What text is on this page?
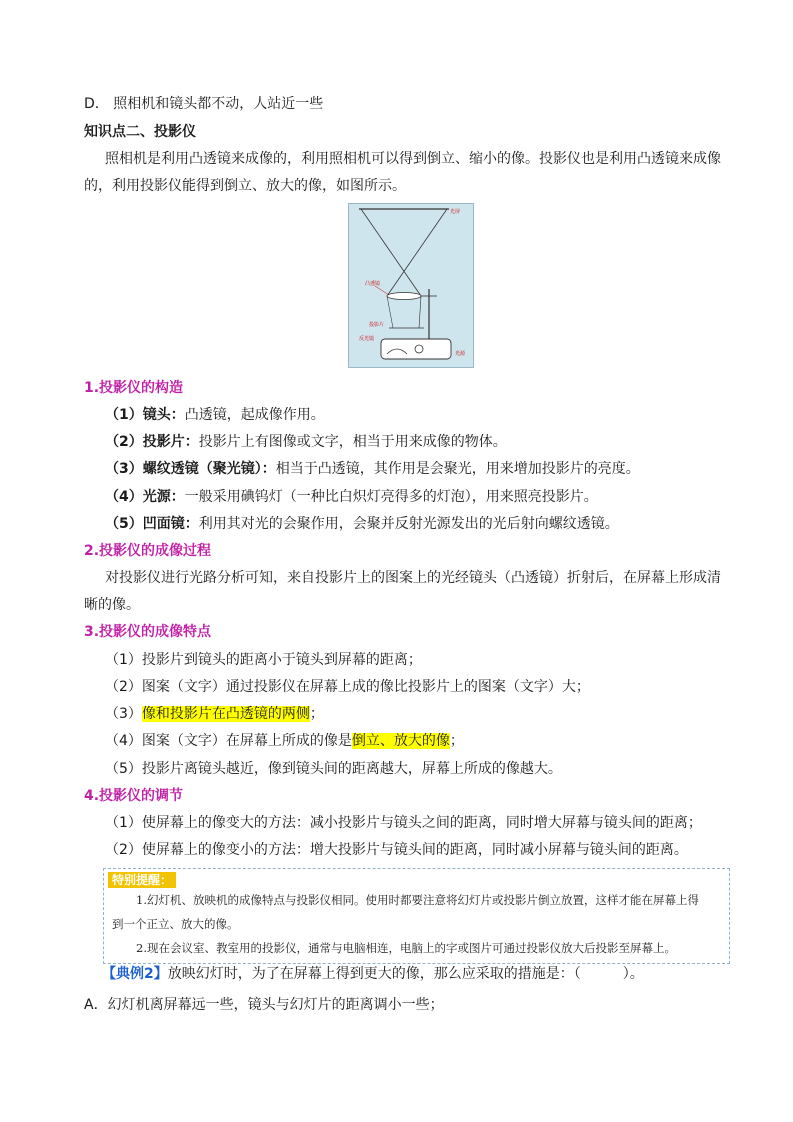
D． 照相机和镜头都不动，人站近一些
知识点二、投影仪
照相机是利用凸透镜来成像的，利用照相机可以得到倒立、缩小的像。投影仪也是利用凸透镜来成像
的，利用投影仪能得到倒立、放大的像，如图所示。
光屏
凸透镜
投影片
反光镜
光源
1.投影仪的构造
（1）镜头：凸透镜，起成像作用。
（2）投影片：投影片上有图像或文字，相当于用来成像的物体。
（3）螺纹透镜（聚光镜）：相当于凸透镜，其作用是会聚光，用来增加投影片的亮度。
（4）光源：一般采用碘钨灯（一种比白炽灯亮得多的灯泡），用来照亮投影片。
（5）凹面镜：利用其对光的会聚作用，会聚并反射光源发出的光后射向螺纹透镜。
2.投影仪的成像过程
对投影仪进行光路分析可知，来自投影片上的图案上的光经镜头（凸透镜）折射后，在屏幕上形成清
晰的像。
3.投影仪的成像特点
（1）投影片到镜头的距离小于镜头到屏幕的距离；
（2）图案（文字）通过投影仪在屏幕上成的像比投影片上的图案（文字）大；
（3）像和投影片在凸透镜的两侧；
（4）图案（文字）在屏幕上所成的像是倒立、放大的像；
（5）投影片离镜头越近，像到镜头间的距离越大，屏幕上所成的像越大。
4.投影仪的调节
（1）使屏幕上的像变大的方法：减小投影片与镜头之间的距离，同时增大屏幕与镜头间的距离；
（2）使屏幕上的像变小的方法：增大投影片与镜头间的距离，同时减小屏幕与镜头间的距离。
特别提醒：
1.幻灯机、放映机的成像特点与投影仪相同。使用时都要注意将幻灯片或投影片倒立放置，这样才能在屏幕上得
到一个正立、放大的像。
2.现在会议室、教室用的投影仪，通常与电脑相连，电脑上的字或图片可通过投影仪放大后投影至屏幕上。
【典例2】放映幻灯时，为了在屏幕上得到更大的像，那么应采取的措施是：（　　　）。
A．幻灯机离屏幕远一些，镜头与幻灯片的距离调小一些；
